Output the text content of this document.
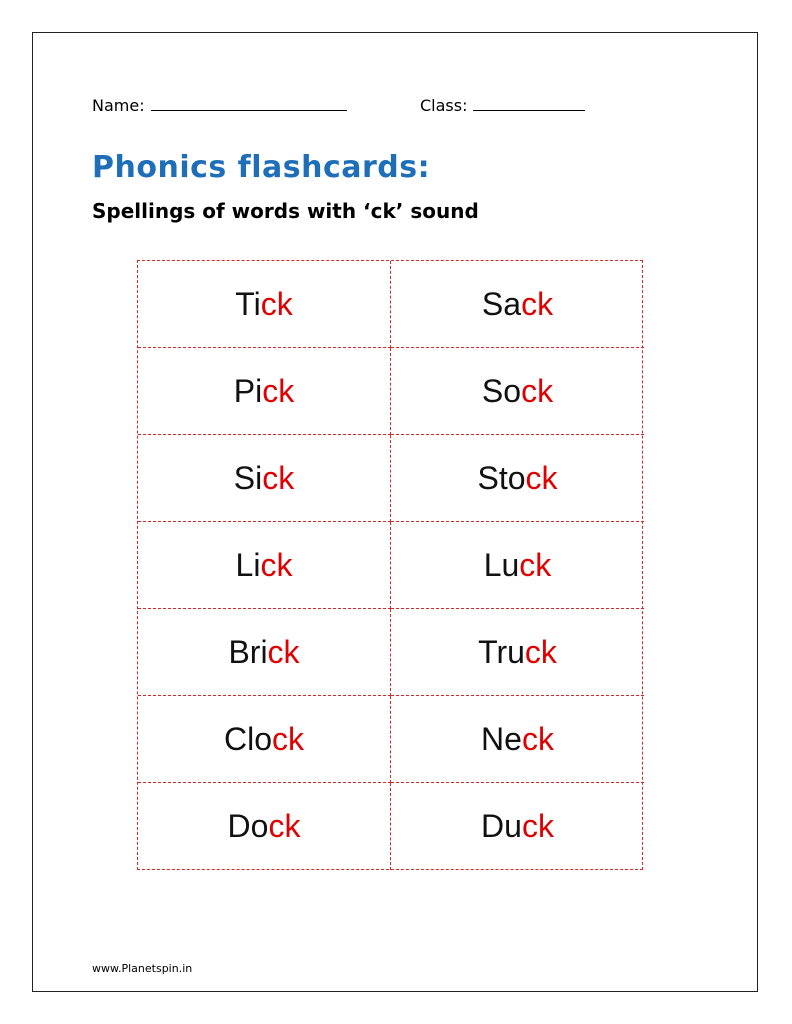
Name:	Class:
Phonics flashcards:
Spellings of words with ‘ck’ sound
Ti ck	Sa ck
Pi ck	So ck
Si ck	Sto ck
Li ck	Lu ck
Bri ck	Tru ck
Clo ck	Ne ck
Do ck	Du ck
www.Planetspin.in
